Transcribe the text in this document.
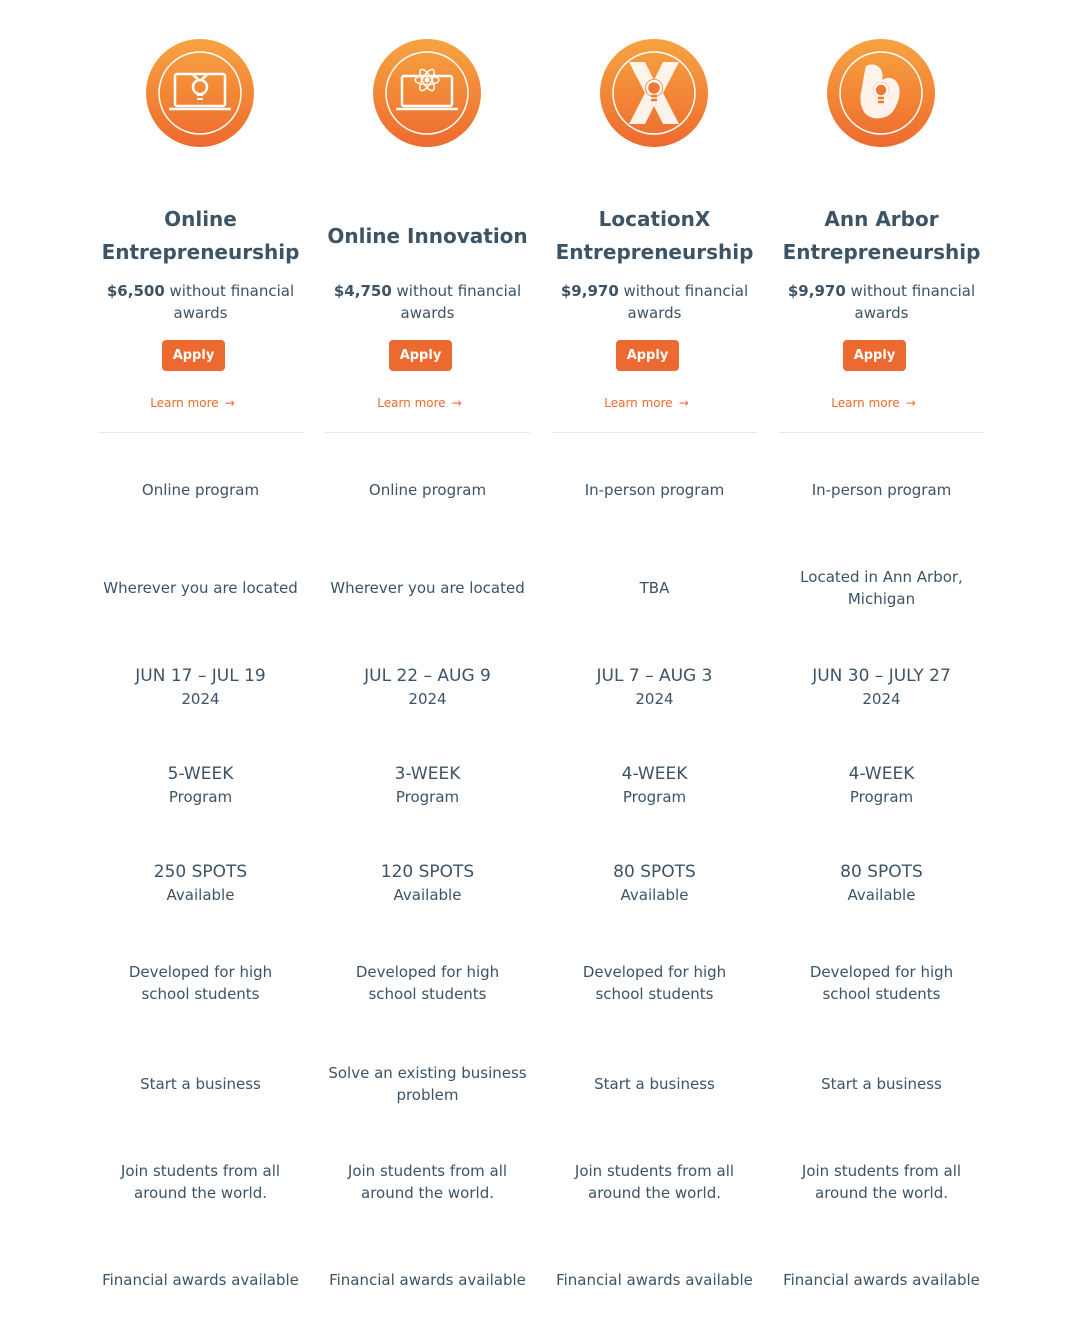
Online Entrepreneurship
$6,500 without financial awards
Apply
Learn more →
Online program
Wherever you are located
JUN 17 – JUL 19
2024
5-WEEK
Program
250 SPOTS
Available
Developed for high school students
Start a business
Join students from all around the world.
Financial awards available
Online Innovation
$4,750 without financial awards
Apply
Learn more →
Online program
Wherever you are located
JUL 22 – AUG 9
2024
3-WEEK
Program
120 SPOTS
Available
Developed for high school students
Solve an existing business problem
Join students from all around the world.
Financial awards available
LocationX Entrepreneurship
$9,970 without financial awards
Apply
Learn more →
In-person program
TBA
JUL 7 – AUG 3
2024
4-WEEK
Program
80 SPOTS
Available
Developed for high school students
Start a business
Join students from all around the world.
Financial awards available
Ann Arbor Entrepreneurship
$9,970 without financial awards
Apply
Learn more →
In-person program
Located in Ann Arbor, Michigan
JUN 30 – JULY 27
2024
4-WEEK
Program
80 SPOTS
Available
Developed for high school students
Start a business
Join students from all around the world.
Financial awards available
